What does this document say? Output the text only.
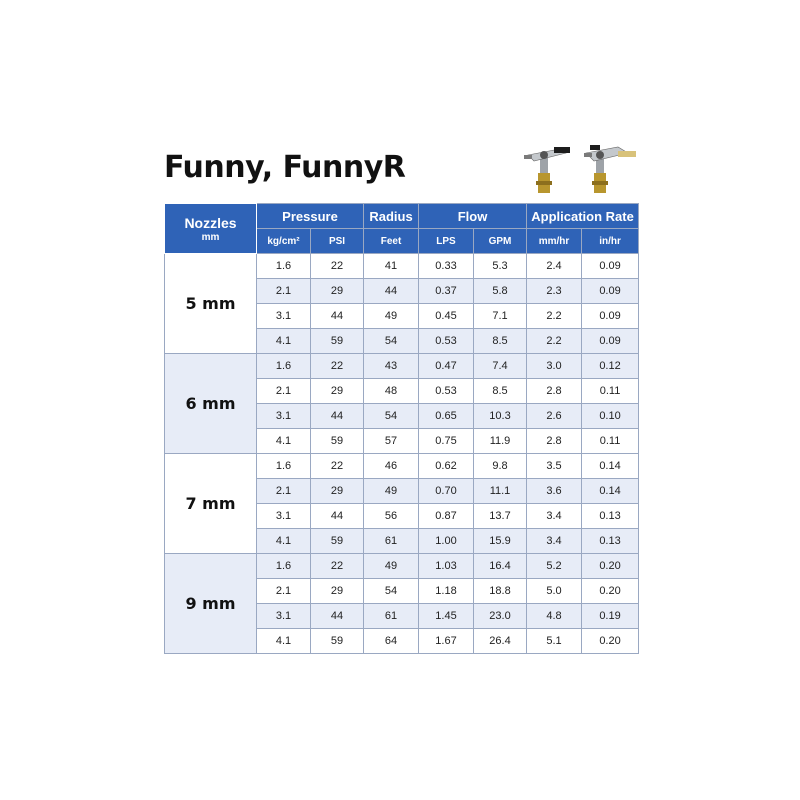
Funny, FunnyR
Nozzles
mm	Pressure		Radius	Flow		Application Rate	
	kg/cm²	PSI	Feet	LPS	GPM	mm/hr	in/hr
5 mm	1.6	22	41	0.33	5.3	2.4	0.09
	2.1	29	44	0.37	5.8	2.3	0.09
	3.1	44	49	0.45	7.1	2.2	0.09
	4.1	59	54	0.53	8.5	2.2	0.09
6 mm	1.6	22	43	0.47	7.4	3.0	0.12
	2.1	29	48	0.53	8.5	2.8	0.11
	3.1	44	54	0.65	10.3	2.6	0.10
	4.1	59	57	0.75	11.9	2.8	0.11
7 mm	1.6	22	46	0.62	9.8	3.5	0.14
	2.1	29	49	0.70	11.1	3.6	0.14
	3.1	44	56	0.87	13.7	3.4	0.13
	4.1	59	61	1.00	15.9	3.4	0.13
9 mm	1.6	22	49	1.03	16.4	5.2	0.20
	2.1	29	54	1.18	18.8	5.0	0.20
	3.1	44	61	1.45	23.0	4.8	0.19
	4.1	59	64	1.67	26.4	5.1	0.20
